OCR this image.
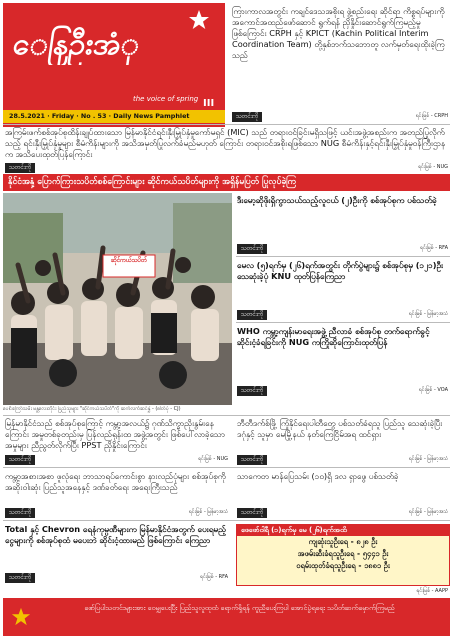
ေနြဦးအံု
the voice of spring III
28.5.2021 · Friday · No . 53 · Daily News Pamphlet
ကြားကာလအတွင်း ကချင်ဒေသအစိုးရ ဖွဲ့စည်းရေး ဆိုင်ရာ ကိစ္စရပ်များကို အကောင်အထည်ဖော်ဆောင် ရွက်ရန် ညှိနှိုင်းဆောင်ရွက်ကြမည့်မှုဖြစ်ကြောင်း CRPH နှင့် KPICT (Kachin Political Interim Coordination Team) တို့နှစ်ဘက်သဘောတူ လက်မှတ်ရေးထိုးခဲ့ကြသည်
သတင်းကို	ရင်းမြစ် - CRPH
အကြမ်းဖက်စစ်အုပ်စုထိန်းချုပ်ထားသော မြန်မာနိုင်ငံရင်းနှီးမြှုပ်နှံမှုကော်မရှင် (MIC) သည် တရားဝင်ခြင်းမရှိသဖြင့် ယင်းအဖွဲ့အစည်းက အတည်ပြုလိုက်သည့် ရင်းနှီးမြှုပ်နှံမှုများ စီမံကိန်းများကို အသိအမှတ်ပြုလက်ခံမည်မဟုတ် ကြောင်း တရားဝင်အစိုးရဖြစ်သော NUG စီမံကိန်းနှင့်ရင်းနှီးမြှုပ်နှံမှုဝန်ကြီးဌာနက အသိပေးထုတ်ပြန်ကြောင်း
သတင်းကို	ရင်းမြစ် - NUG
နိုင်ငံအနှံ့ ပြောက်ကြားသပိတ်စစ်ကြောင်းများ ဆိုင်ကယ်သပိတ်များကို အရှိန်မပြတ် ပြုလုပ်ခဲ့ကြ
ဆိုင်ကယ်သပိတ်
ပေါင်ကြော်သမီး မန္တလေးတိုင်း ပြည်သူများ "ဆိုင်ကယ်သပိတ်"ကို ဆက်လက်ဆင်နွှဲ - (ဓါတ်ပုံ - CJ)
ဒီးမော့ဆိုဖိုးရှိကွာသယ်သည့်လူငယ် (၂)ဦးကို စစ်အုပ်စုက ပစ်သတ်ခဲ့
သတင်းကို	ရင်းမြစ် - RFA
မေလ (၅)ရက်မှ (၂၆)ရက်အတွင်း တိုက်ပွဲများ၌ စစ်အုပ်စုမှ (၁၂၁)ဦး သေဆုံးခဲ့ပုံ KNU ထုတ်ပြန်ကြေညာ
သတင်းကို	ရင်းမြစ် - မြန်မာ့အသံ
WHO ကမ္ဘာ့ကျန်းမာရေးအဖွဲ့ ညီလာခံ စစ်အုပ်စု တက်ရောက်ခွင့် ဆိုင်းငံ့ခံရခြင်းကို NUG ကကြိုဆိုကြောင်းထုတ်ပြန်
သတင်းကို	ရင်းမြစ် - VOA
မြန်မာနိုင်ငံသည် စစ်အုပ်စုကြောင့် ကမ္ဘာ့အလယ်၌ ဂုဏ်သိက္ခာညိုးနွမ်းနေ ကြောင်း အမှုတစ်ခုတည်းမှ ပြန်လည်ရုန်းထ အဖွဲ့အတွင်း ဖြစ်ပေါ်လာခဲ့သော အမှုများ ညီညွတ်လိုက်ပြီး PPST ညှိနှိုင်းကြောင်း
သတင်းကို	ရင်းမြစ် - NUG
ဘီတီဒက်စ်ဖြို့ ကြုံနိုင်ရေးပါတီတွေ ပစ်သတ်ခံရသူ ပြည်သူ သေဆုံးခဲ့ပြီး ဒဂုံနှင့် သူမှာ မေမြို့နယ် နတ်ကြေငြိမ်အရ ထင်ရှား
သတင်းကို	ရင်းမြစ် - မြန်မာ့အသံ
ကမ္ဘာ့အစားအစာ ဖူလုံရေး ဘာသာရပ်ကောင်းစွာ နားလည်ပုံများ စစ်အုပ်စုကို အဆိုးဝါးဆုံး ပြည်သူအနေနှင့် ဒဏ်ခတ်ရေး အရေးကြီးသည်
သတင်းကို	ရင်းမြစ် - မြန်မာ့အသံ
သာကေတ မာန်ပြေသမ်း (၁၀)ရှိ ဒလ ရှာဖွေ ပစ်သတ်ခဲ့
သတင်းကို	ရင်းမြစ် - မြန်မာ့အသံ
Total နှင့် Chevron ရေနံကုမ္ပဏီများက မြန်မာနိုင်ငံအတွက် ပေးရမည့် ငွေများကို စစ်အုပ်စုထံ မပေးဘဲ ဆိုင်းငံ့ထားမည် ဖြစ်ကြောင်း ကြေညာ
သတင်းကို	ရင်းမြစ် - RFA
ဖေဖော်ဝါရီ (၁)ရက်မှ မေ (၂၆)ရက်အထိ
ကျဆုံးသူဦးရေ - ၈၂၈ ဦး
အဖမ်းဆီးခံရသူဦးရေ - ၅၄၄၁ ဦး
ဝရမ်းထုတ်ခံရသူဦးရေ - ၁၈၈၁ ဦး
ရင်းမြစ် - AAPP
ဖော်ပြပါသတင်းများအား ဝေမျှပေးပြီး ပြည်သူလူထုထံ ရောက်ရှိရန် ကူညီပေးကြပါ အောင်ပွဲရရေး သပိတ်ဆက်မှောက်ကြမည်
